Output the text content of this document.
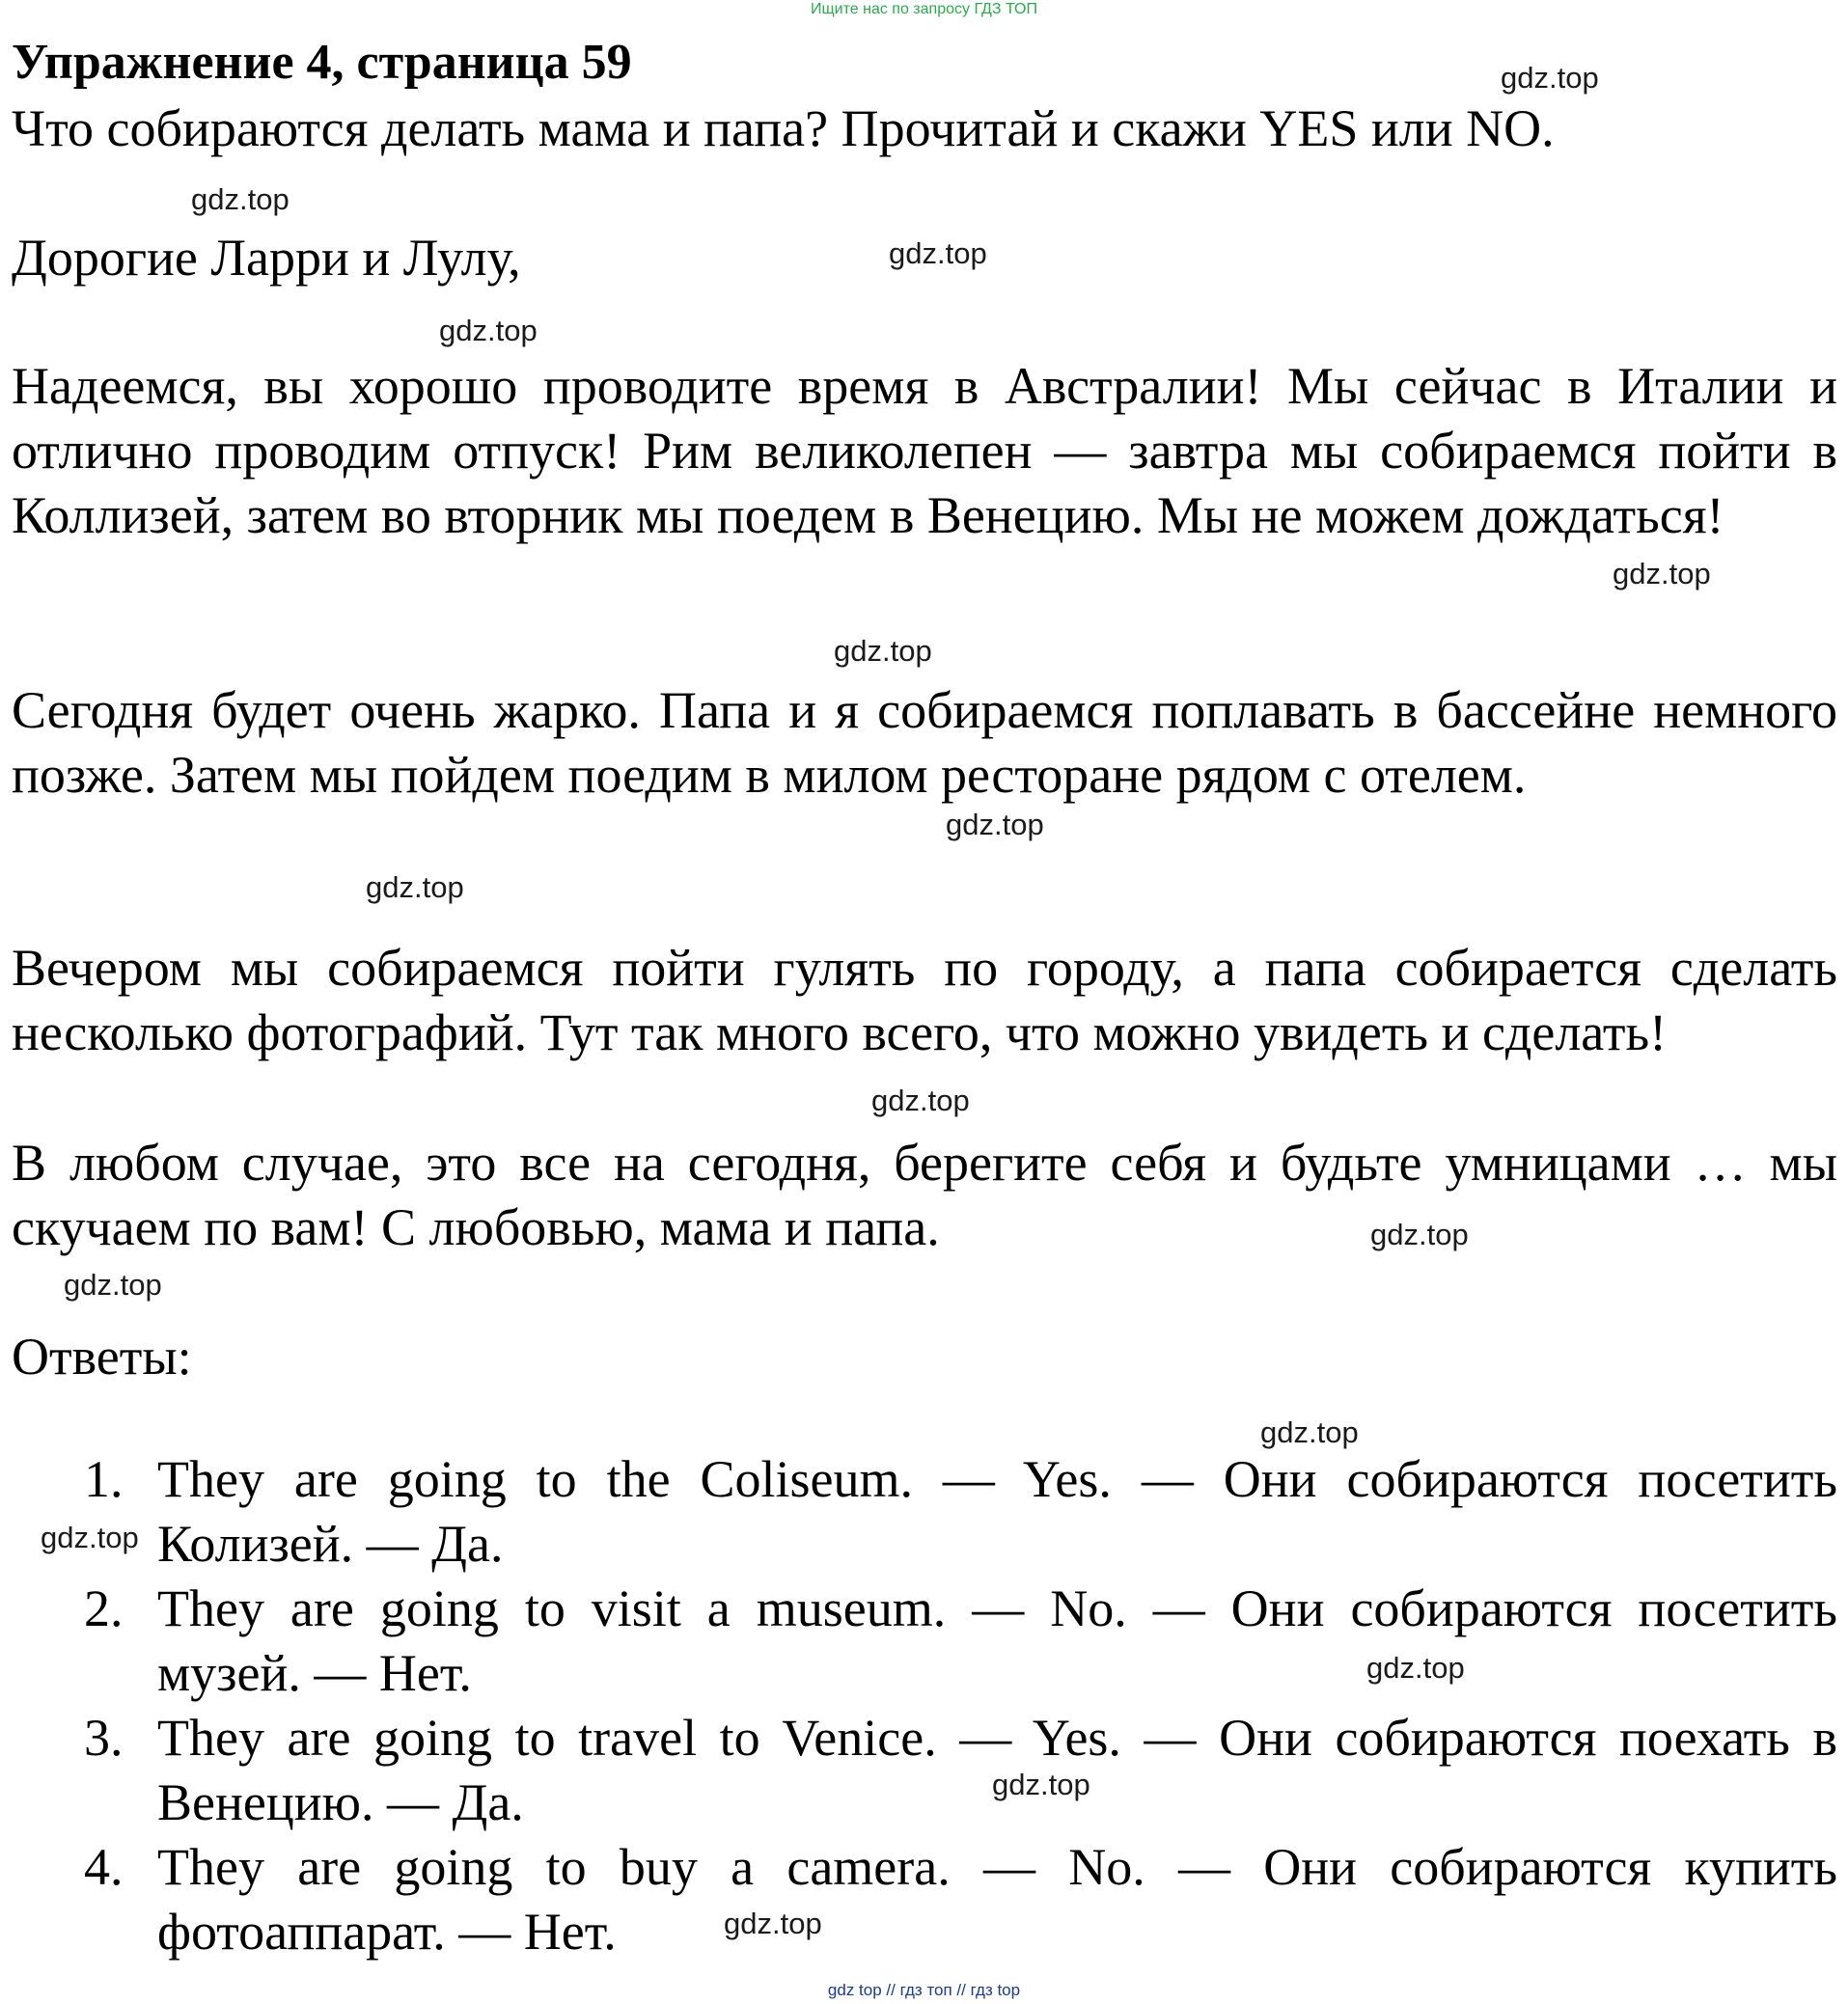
Ищите нас по запросу ГДЗ ТОП
Упражнение 4, страница 59
Что собираются делать мама и папа? Прочитай и скажи YES или NO.
Дорогие Ларри и Лулу,
Надеемся, вы хорошо проводите время в Австралии! Мы сейчас в Италии и отлично проводим отпуск! Рим великолепен — завтра мы собираемся пойти в Коллизей, затем во вторник мы поедем в Венецию. Мы не можем дождаться!
Сегодня будет очень жарко. Папа и я собираемся поплавать в бассейне немного позже. Затем мы пойдем поедим в милом ресторане рядом с отелем.
Вечером мы собираемся пойти гулять по городу, а папа собирается сделать несколько фотографий. Тут так много всего, что можно увидеть и сделать!
В любом случае, это все на сегодня, берегите себя и будьте умницами … мы скучаем по вам! С любовью, мама и папа.
Ответы:
1. They are going to the Coliseum. — Yes. — Они собираются посетить Колизей. — Да.
2. They are going to visit a museum. — No. — Они собираются посетить музей. — Нет.
3. They are going to travel to Venice. — Yes. — Они собираются поехать в Венецию. — Да.
4. They are going to buy a camera. — No. — Они собираются купить фотоаппарат. — Нет.
gdz.top
gdz.top
gdz.top
gdz.top
gdz.top
gdz.top
gdz.top
gdz.top
gdz.top
gdz.top
gdz.top
gdz.top
gdz.top
gdz.top
gdz.top
gdz.top
gdz top // гдз топ // гдз top
